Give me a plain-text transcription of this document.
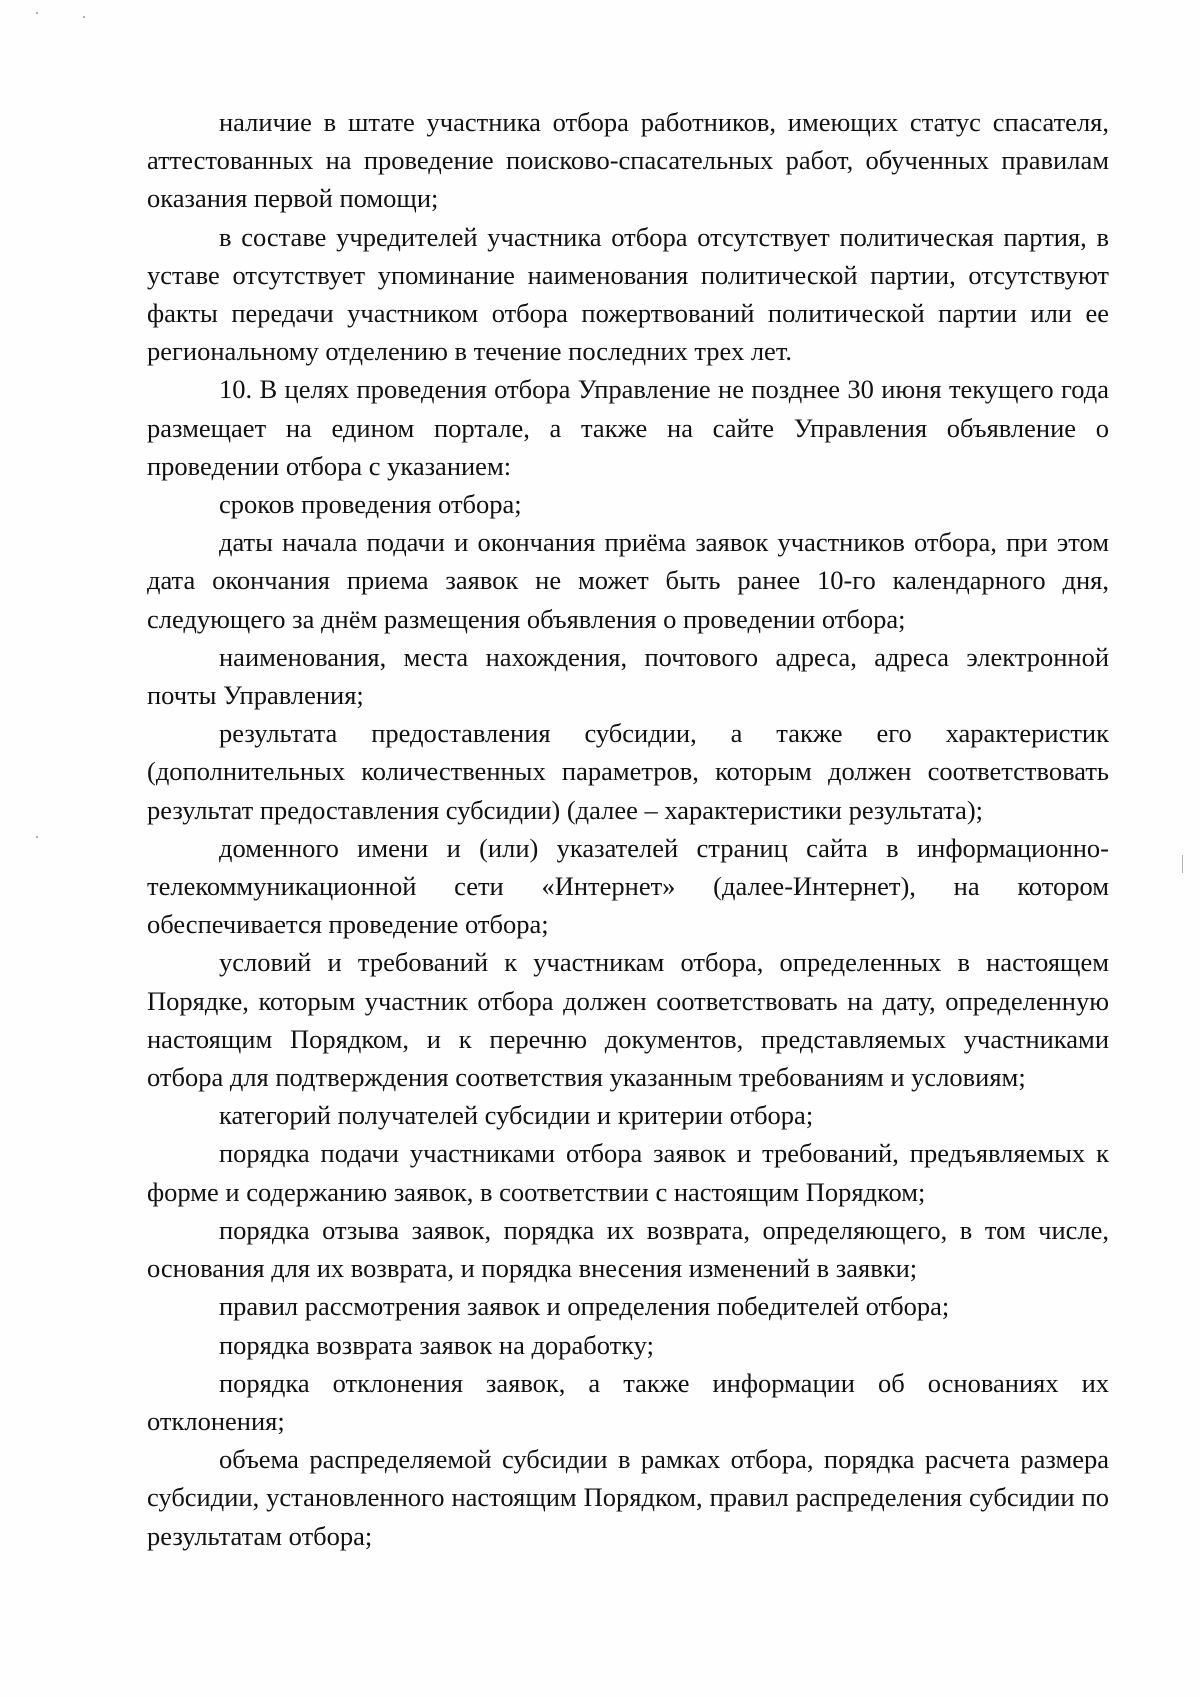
наличие в штате участника отбора работников, имеющих статус спасателя, аттестованных на проведение поисково-спасательных работ, обученных правилам оказания первой помощи;

в составе учредителей участника отбора отсутствует политическая партия, в уставе отсутствует упоминание наименования политической партии, отсутствуют факты передачи участником отбора пожертвований политической партии или ее региональному отделению в течение последних трех лет.

10. В целях проведения отбора Управление не позднее 30 июня текущего года размещает на едином портале, а также на сайте Управления объявление о проведении отбора с указанием:

сроков проведения отбора;

даты начала подачи и окончания приёма заявок участников отбора, при этом дата окончания приема заявок не может быть ранее 10-го календарного дня, следующего за днём размещения объявления о проведении отбора;

наименования, места нахождения, почтового адреса, адреса электронной почты Управления;

результата предоставления субсидии, а также его характеристик (дополнительных количественных параметров, которым должен соответствовать результат предоставления субсидии) (далее – характеристики результата);

доменного имени и (или) указателей страниц сайта в информационно-телекоммуникационной сети «Интернет» (далее-Интернет), на котором обеспечивается проведение отбора;

условий и требований к участникам отбора, определенных в настоящем Порядке, которым участник отбора должен соответствовать на дату, определенную настоящим Порядком, и к перечню документов, представляемых участниками отбора для подтверждения соответствия указанным требованиям и условиям;

категорий получателей субсидии и критерии отбора;

порядка подачи участниками отбора заявок и требований, предъявляемых к форме и содержанию заявок, в соответствии с настоящим Порядком;

порядка отзыва заявок, порядка их возврата, определяющего, в том числе, основания для их возврата, и порядка внесения изменений в заявки;

правил рассмотрения заявок и определения победителей отбора;

порядка возврата заявок на доработку;

порядка отклонения заявок, а также информации об основаниях их отклонения;

объема распределяемой субсидии в рамках отбора, порядка расчета размера субсидии, установленного настоящим Порядком, правил распределения субсидии по результатам отбора;
